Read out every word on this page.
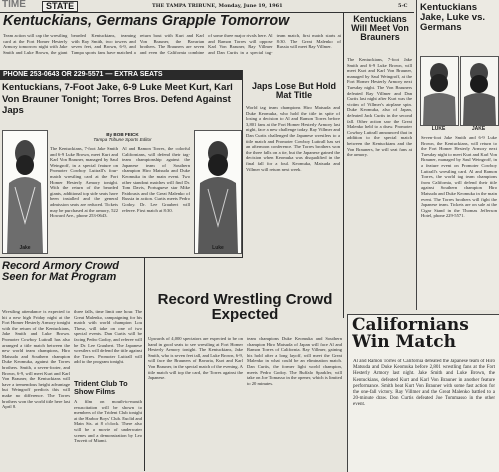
TIME	STATE	THE TAMPA TRIBUNE, Monday, June 19, 1961	5-C
Kentuckians, Germans Grapple Tomorrow
Team action will cap the wrestling card at the Fort Homer Hesterly Armory tomorrow night with Jake Smith and Luke Brown, the giant bearded Kentuckians, teaming with Ray Smith, two towers and seven feet, and Brown, 6-9, and Tampa sports fans have matched a return bout with Kurt and Karl Von Brauner, the Bavarian brothers. The Brauners are seven and even the California combine of some three major rivals here. Al and Ramon Torres will oppose Karl Von Brauner, Ray Villmer and Dan Curtis in a special tag-team match, first match starts at 8:30. The Great Malenko of Russia will meet Ray Villmer.
PHONE 253-0643 OR 229-5571 — EXTRA SEATS
Kentuckians, 7-Foot Jake, 6-9 Luke Meet Kurt, Karl Von Brauner Tonight; Torres Bros. Defend Against Japs
Jake
By BOB FEICK
Tampa Tribune Sports Editor
The Kentuckians, 7-foot Jake Smith and 6-9 Luke Brown, meet Kurt and Karl Von Brauner, managed by Saul Weingroff, in a special feature on Promoter Cowboy Luttrall's four-match wrestling card at the Fort Homer Hesterly Armory tonight. With the return of the bearded giants, additional top side seats have been installed and the general admission seats are reduced. Tickets may be purchased at the armory, 522 Howard Ave., phone 253-0643.
Al and Ramon Torres, the colorful Californians, will defend their tag-team championship against the Japanese team of Southern champion Hiro Matsuda and Duke Keomuka in the main event. Two other standout matches will find Dr. Tom Davis, Portuguese star Mike Paidousis and the Great Malenko of Russia in action. Curtis meets Pedro Godoy. Dr. Lee Graubert will referee. First match at 8:30.
Luke
Japs Lose But Hold Mat Title
World tag team champions Hiro Matsuda and Duke Keomuka, who hold the title in spite of losing a decision to Al and Ramon Torres before 3,801 fans at the Fort Homer Hesterly Armory last night, face a new challenge today. Ray Villmer and Dan Curtis challenged the Japanese wrestlers to a title match and Promoter Cowboy Luttrall has set an afternoon conference. The Torres brothers won the three falls on a tie, but the Japanese gained the decision when Keomuka was disqualified in the final fall for a foul. Keomuka, Matsuda and Villmer will return next week.
Kentuckians Will Meet Von Brauners
The Kentuckians, 7-foot Jake Smith and 6-9 Luke Brown, will meet Kurt and Karl Von Brauner, managed by Saul Weingroff, at the Fort Homer Hesterly Armory next Tuesday night. The Von Brauners defeated Ray Villmer and Dan Curtis last night after Kurt was the victim of Villmer's airplane spin. Duke Keomuka, also of Japan, defeated Jack Curtis in the second fall. Other action saw the Great Malenko held to a draw. Promoter Cowboy Luttrall announced that in addition to the special match between the Kentuckians and the Von Brauners, he will seat fans at the armory.
Kentuckians Jake, Luke vs. Germans
LUKE	JAKE
Seven-foot Jake Smith and 6-9 Luke Brown, the Kentuckians, will return to the Fort Homer Hesterly Armory next Tuesday night to meet Kurt and Karl Von Brauner, managed by Saul Weingroff, in a feature event on Promoter Cowboy Luttrall's wrestling card. Al and Ramon Torres, the world tag team champions from California, will defend their title against Southern champion Hiro Matsuda and Duke Keomuka in the main event. The Torres brothers will fight the Japanese team. Tickets are on sale at the Cigar Stand in the Thomas Jefferson Hotel, phone 229-5571.
Record Armory Crowd Seen for Mat Program
Wrestling attendance is expected to hit a new high Friday night at the Fort Homer Hesterly Armory tonight with the return of the Kentuckians, Jake Smith and Luke Brown. Promoter Cowboy Luttrall has also arranged a title match between the new world team champions, Hiro Matsuda and Southern champion Duke Keomuka, against the Torres brothers. Smith, a seven-footer, and Brown, 6-9, will meet Kurt and Karl Von Brauner, the Kentuckians will have a tremendous height advantage but Weingroff predicts this will make no difference. The Torres brothers won the world title here last April 8.
three falls, time limit one hour. The Great Malenko, campaigning for his match with world champion Lou Thesz, will take on one of two special events. Dan Curtis will be facing Pedro Godoy, and referee will be Dr. Lee Graubert. The Japanese wrestlers will defend the title against the Torres. Promoter Luttrall will add to the program tonight.
Trident Club To Show Films
A film on mouth-to-mouth resuscitation will be shown to members of the Trident Club tonight at the Harbor Boys' Club. Euclid and Main Sts. at 8 o'clock. There also will be a movie of underwater scenes and a demonstration by Leo Truvett of Miami.
Record Wrestling Crowd Expected
Upwards of 4,000 spectators are expected to be on hand in good seats to see wrestling at Fort Homer Hesterly Armory tonight. The Kentuckians, Jake Smith, who is seven feet tall, and Luke Brown, 6-9, will face the Brauners of Bavaria, Kurt and Karl Von Brauner, in the special match of the evening. A title match will top the card, the Torres against the Japanese.
team champions Duke Keomuka and Southern champion Hiro Matsuda of Japan will face Al and Ramon Torres of California. Ray Villmer, gaining his hold after a long layoff, will meet the Great Malenko in what could be an elimination match. Dan Curtis, the former light world champion, meets Pedro Godoy. The Buffalo Sparkler, will take on Joe Tomasso in the opener, which is limited to 20 minutes.
Californians Win Match
Al and Ramon Torres of California defeated the Japanese team of Hiro Matsuda and Duke Keomuka before 2,801 wrestling fans at the Fort Hesterly Armory last night. Jake Smith and Luke Brown, the Kentuckians, defeated Kurt and Karl Von Brauner in another feature performance. Smith beat Kurt Von Brauner with some fast action for the one-fall victory. Ray Villmer and the Great Malenko battled to a 20-minute draw. Don Curtis defeated Joe Tommasso in the other event.
